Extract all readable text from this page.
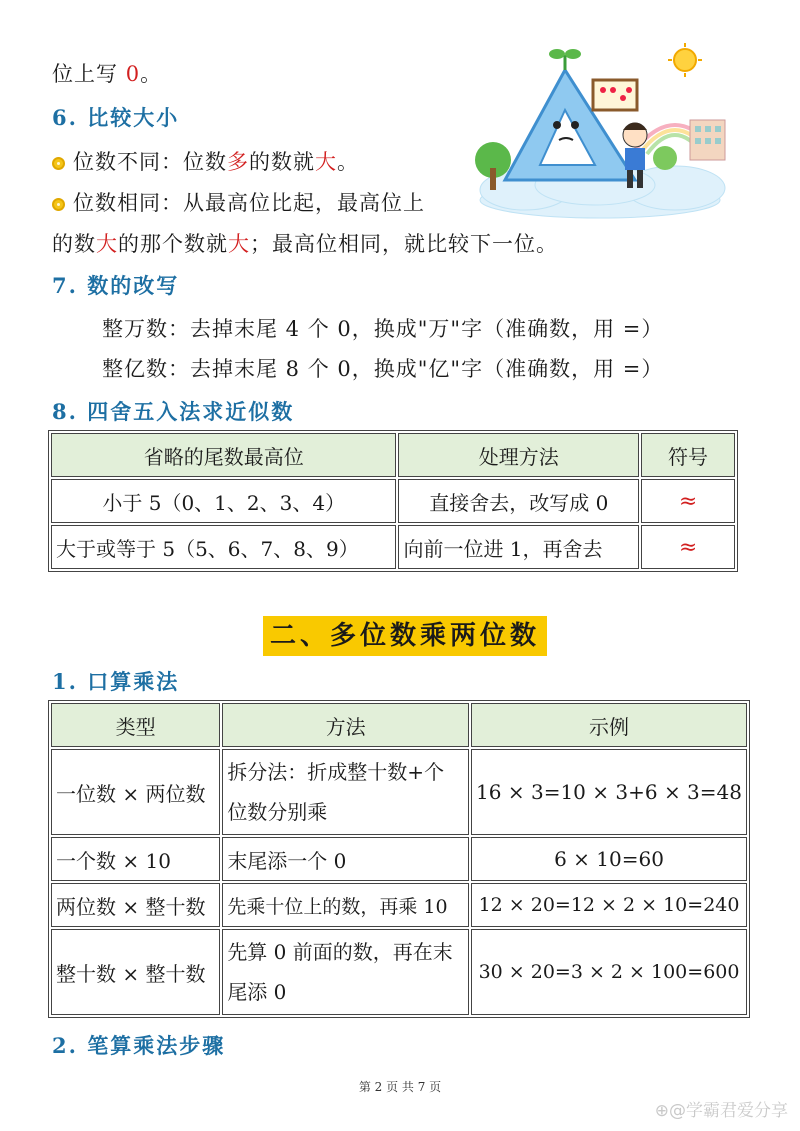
位上写 0。
6. 比较大小
位数不同：位数多的数就大。
位数相同：从最高位比起，最高位上
的数大的那个数就大；最高位相同，就比较下一位。
7. 数的改写
整万数：去掉末尾 4 个 0，换成"万"字（准确数，用 =）
整亿数：去掉末尾 8 个 0，换成"亿"字（准确数，用 =）
8. 四舍五入法求近似数
省略的尾数最高位	处理方法	符号
小于 5（0、1、2、3、4）	直接舍去，改写成 0	≈
大于或等于 5（5、6、7、8、9）	向前一位进 1，再舍去	≈
二、多位数乘两位数
1. 口算乘法
类型	方法	示例
一位数 × 两位数	拆分法：折成整十数+个位数分别乘	16 × 3=10 × 3+6 × 3=48
一个数 × 10	末尾添一个 0	6 × 10=60
两位数 × 整十数	先乘十位上的数，再乘 10	12 × 20=12 × 2 × 10=240
整十数 × 整十数	先算 0 前面的数，再在末尾添 0	30 × 20=3 × 2 × 100=600
2. 笔算乘法步骤
第 2 页 共 7 页
⊕@学霸君爱分享
